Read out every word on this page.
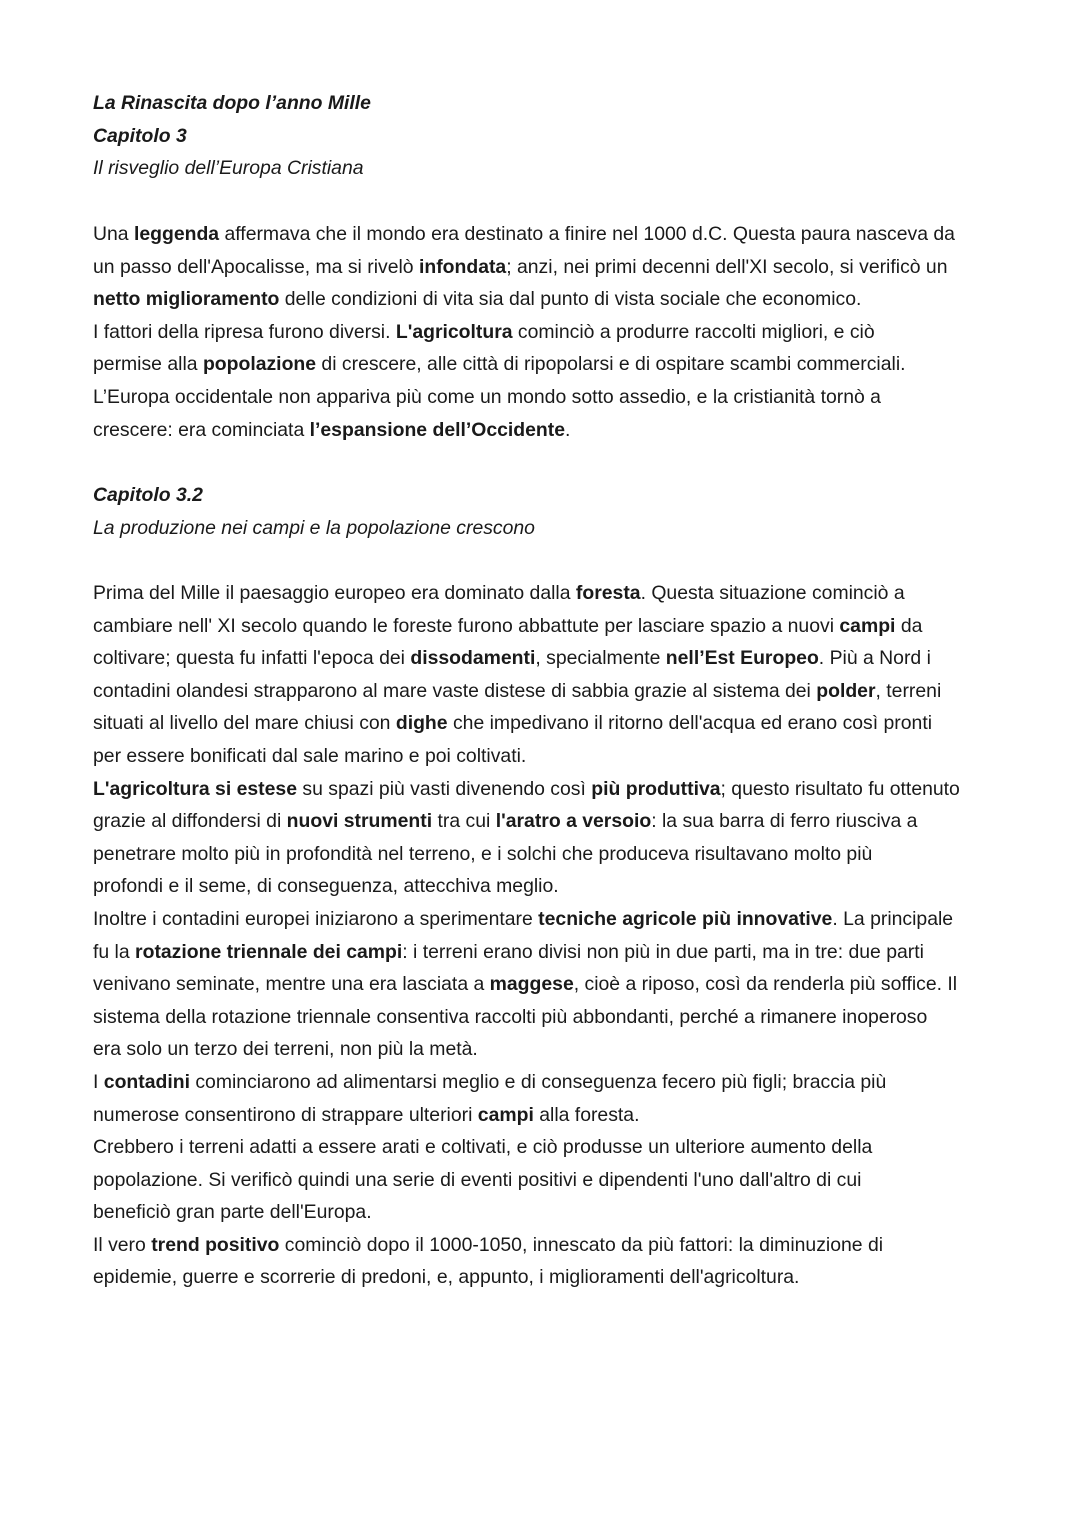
La Rinascita dopo l’anno Mille
Capitolo 3
Il risveglio dell’Europa Cristiana
Una leggenda affermava che il mondo era destinato a finire nel 1000 d.C. Questa paura nasceva da
un passo dell'Apocalisse, ma si rivelò infondata; anzi, nei primi decenni dell'XI secolo, si verificò un
netto miglioramento delle condizioni di vita sia dal punto di vista sociale che economico.
I fattori della ripresa furono diversi. L'agricoltura cominciò a produrre raccolti migliori, e ciò
permise alla popolazione di crescere, alle città di ripopolarsi e di ospitare scambi commerciali.
L’Europa occidentale non appariva più come un mondo sotto assedio, e la cristianità tornò a
crescere: era cominciata l’espansione dell’Occidente.
Capitolo 3.2
La produzione nei campi e la popolazione crescono
Prima del Mille il paesaggio europeo era dominato dalla foresta. Questa situazione cominciò a
cambiare nell' XI secolo quando le foreste furono abbattute per lasciare spazio a nuovi campi da
coltivare; questa fu infatti l'epoca dei dissodamenti, specialmente nell’Est Europeo. Più a Nord i
contadini olandesi strapparono al mare vaste distese di sabbia grazie al sistema dei polder, terreni
situati al livello del mare chiusi con dighe che impedivano il ritorno dell'acqua ed erano così pronti
per essere bonificati dal sale marino e poi coltivati.
L'agricoltura si estese su spazi più vasti divenendo così più produttiva; questo risultato fu ottenuto
grazie al diffondersi di nuovi strumenti tra cui l'aratro a versoio: la sua barra di ferro riusciva a
penetrare molto più in profondità nel terreno, e i solchi che produceva risultavano molto più
profondi e il seme, di conseguenza, attecchiva meglio.
Inoltre i contadini europei iniziarono a sperimentare tecniche agricole più innovative. La principale
fu la rotazione triennale dei campi: i terreni erano divisi non più in due parti, ma in tre: due parti
venivano seminate, mentre una era lasciata a maggese, cioè a riposo, così da renderla più soffice. Il
sistema della rotazione triennale consentiva raccolti più abbondanti, perché a rimanere inoperoso
era solo un terzo dei terreni, non più la metà.
I contadini cominciarono ad alimentarsi meglio e di conseguenza fecero più figli; braccia più
numerose consentirono di strappare ulteriori campi alla foresta.
Crebbero i terreni adatti a essere arati e coltivati, e ciò produsse un ulteriore aumento della
popolazione. Si verificò quindi una serie di eventi positivi e dipendenti l'uno dall'altro di cui
beneficiò gran parte dell'Europa.
Il vero trend positivo cominciò dopo il 1000-1050, innescato da più fattori: la diminuzione di
epidemie, guerre e scorrerie di predoni, e, appunto, i miglioramenti dell'agricoltura.
